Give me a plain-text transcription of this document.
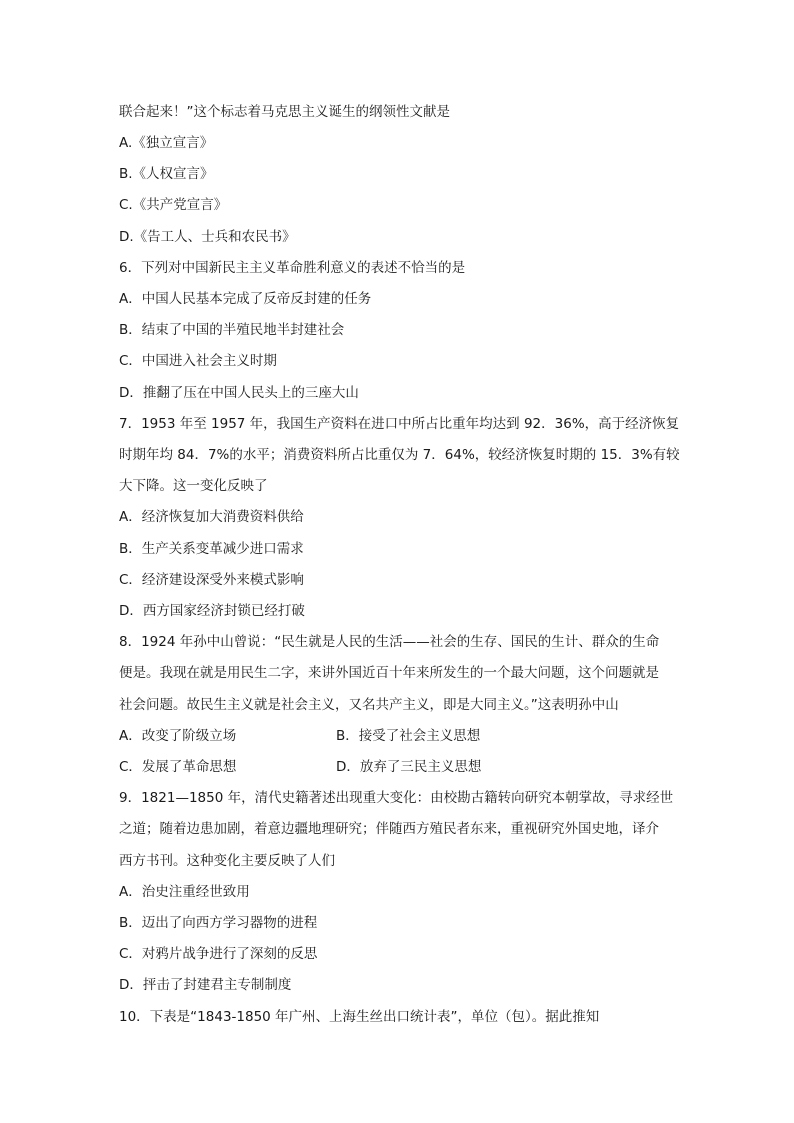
联合起来！”这个标志着马克思主义诞生的纲领性文献是
A.《独立宣言》
B.《人权宣言》
C.《共产党宣言》
D.《告工人、士兵和农民书》
6．下列对中国新民主主义革命胜利意义的表述不恰当的是
A．中国人民基本完成了反帝反封建的任务
B．结束了中国的半殖民地半封建社会
C．中国进入社会主义时期
D．推翻了压在中国人民头上的三座大山
7．1953 年至 1957 年，我国生产资料在进口中所占比重年均达到 92．36%，高于经济恢复
时期年均 84．7%的水平；消费资料所占比重仅为 7．64%，较经济恢复时期的 15．3%有较
大下降。这一变化反映了
A．经济恢复加大消费资料供给
B．生产关系变革减少进口需求
C．经济建设深受外来模式影响
D．西方国家经济封锁已经打破
8．1924 年孙中山曾说：“民生就是人民的生活——社会的生存、国民的生计、群众的生命
便是。我现在就是用民生二字，来讲外国近百十年来所发生的一个最大问题，这个问题就是
社会问题。故民生主义就是社会主义，又名共产主义，即是大同主义。”这表明孙中山
A．改变了阶级立场	B．接受了社会主义思想
C．发展了革命思想	D．放弃了三民主义思想
9．1821—1850 年，清代史籍著述出现重大变化：由校勘古籍转向研究本朝掌故，寻求经世
之道；随着边患加剧，着意边疆地理研究；伴随西方殖民者东来，重视研究外国史地，译介
西方书刊。这种变化主要反映了人们
A．治史注重经世致用
B．迈出了向西方学习器物的进程
C．对鸦片战争进行了深刻的反思
D．抨击了封建君主专制制度
10．下表是“1843-1850 年广州、上海生丝出口统计表”，单位（包）。据此推知
